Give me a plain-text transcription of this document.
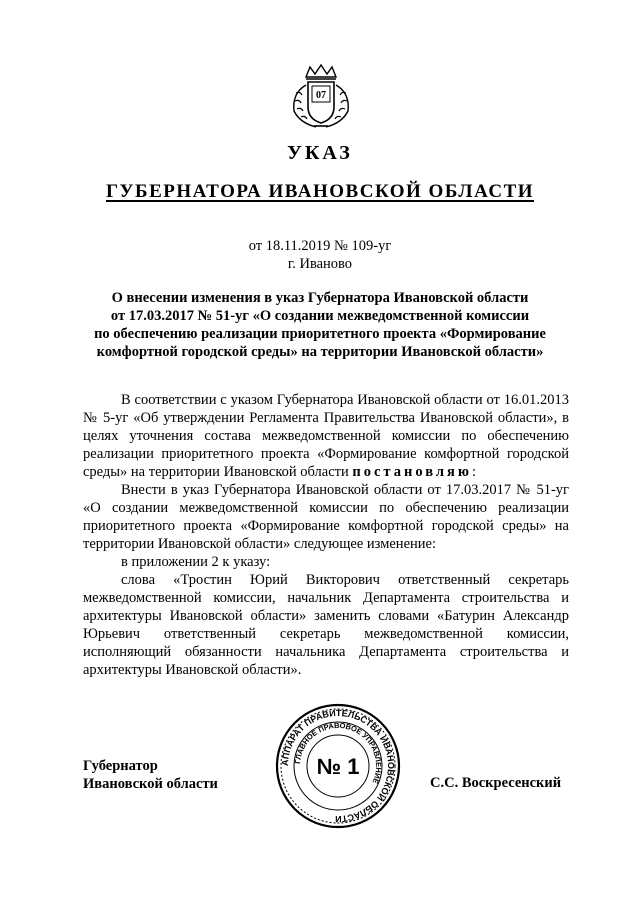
07
УКАЗ
ГУБЕРНАТОРА ИВАНОВСКОЙ ОБЛАСТИ
от 18.11.2019 № 109-уг
г. Иваново
О внесении изменения в указ Губернатора Ивановской области
от 17.03.2017 № 51-уг «О создании межведомственной комиссии
по обеспечению реализации приоритетного проекта «Формирование
комфортной городской среды» на территории Ивановской области»

В соответствии с указом Губернатора Ивановской области от 16.01.2013 № 5-уг «Об утверждении Регламента Правительства Ивановской области», в целях уточнения состава межведомственной комиссии по обеспечению реализации приоритетного проекта «Формирование комфортной городской среды» на территории Ивановской области постановляю:

Внести в указ Губернатора Ивановской области от 17.03.2017 № 51-уг «О создании межведомственной комиссии по обеспечению реализации приоритетного проекта «Формирование комфортной городской среды» на территории Ивановской области» следующее изменение:

в приложении 2 к указу:

слова «Тростин Юрий Викторович ответственный секретарь межведомственной комиссии, начальник Департамента строительства и архитектуры Ивановской области» заменить словами «Батурин Александр Юрьевич ответственный секретарь межведомственной комиссии, исполняющий обязанности начальника Департамента строительства и архитектуры Ивановской области».

Губернатор
Ивановской области	С.С. Воскресенский
АППАРАТ ПРАВИТЕЛЬСТВА ИВАНОВСКОЙ ОБЛАСТИ
ГЛАВНОЕ ПРАВОВОЕ УПРАВЛЕНИЕ
№ 1
